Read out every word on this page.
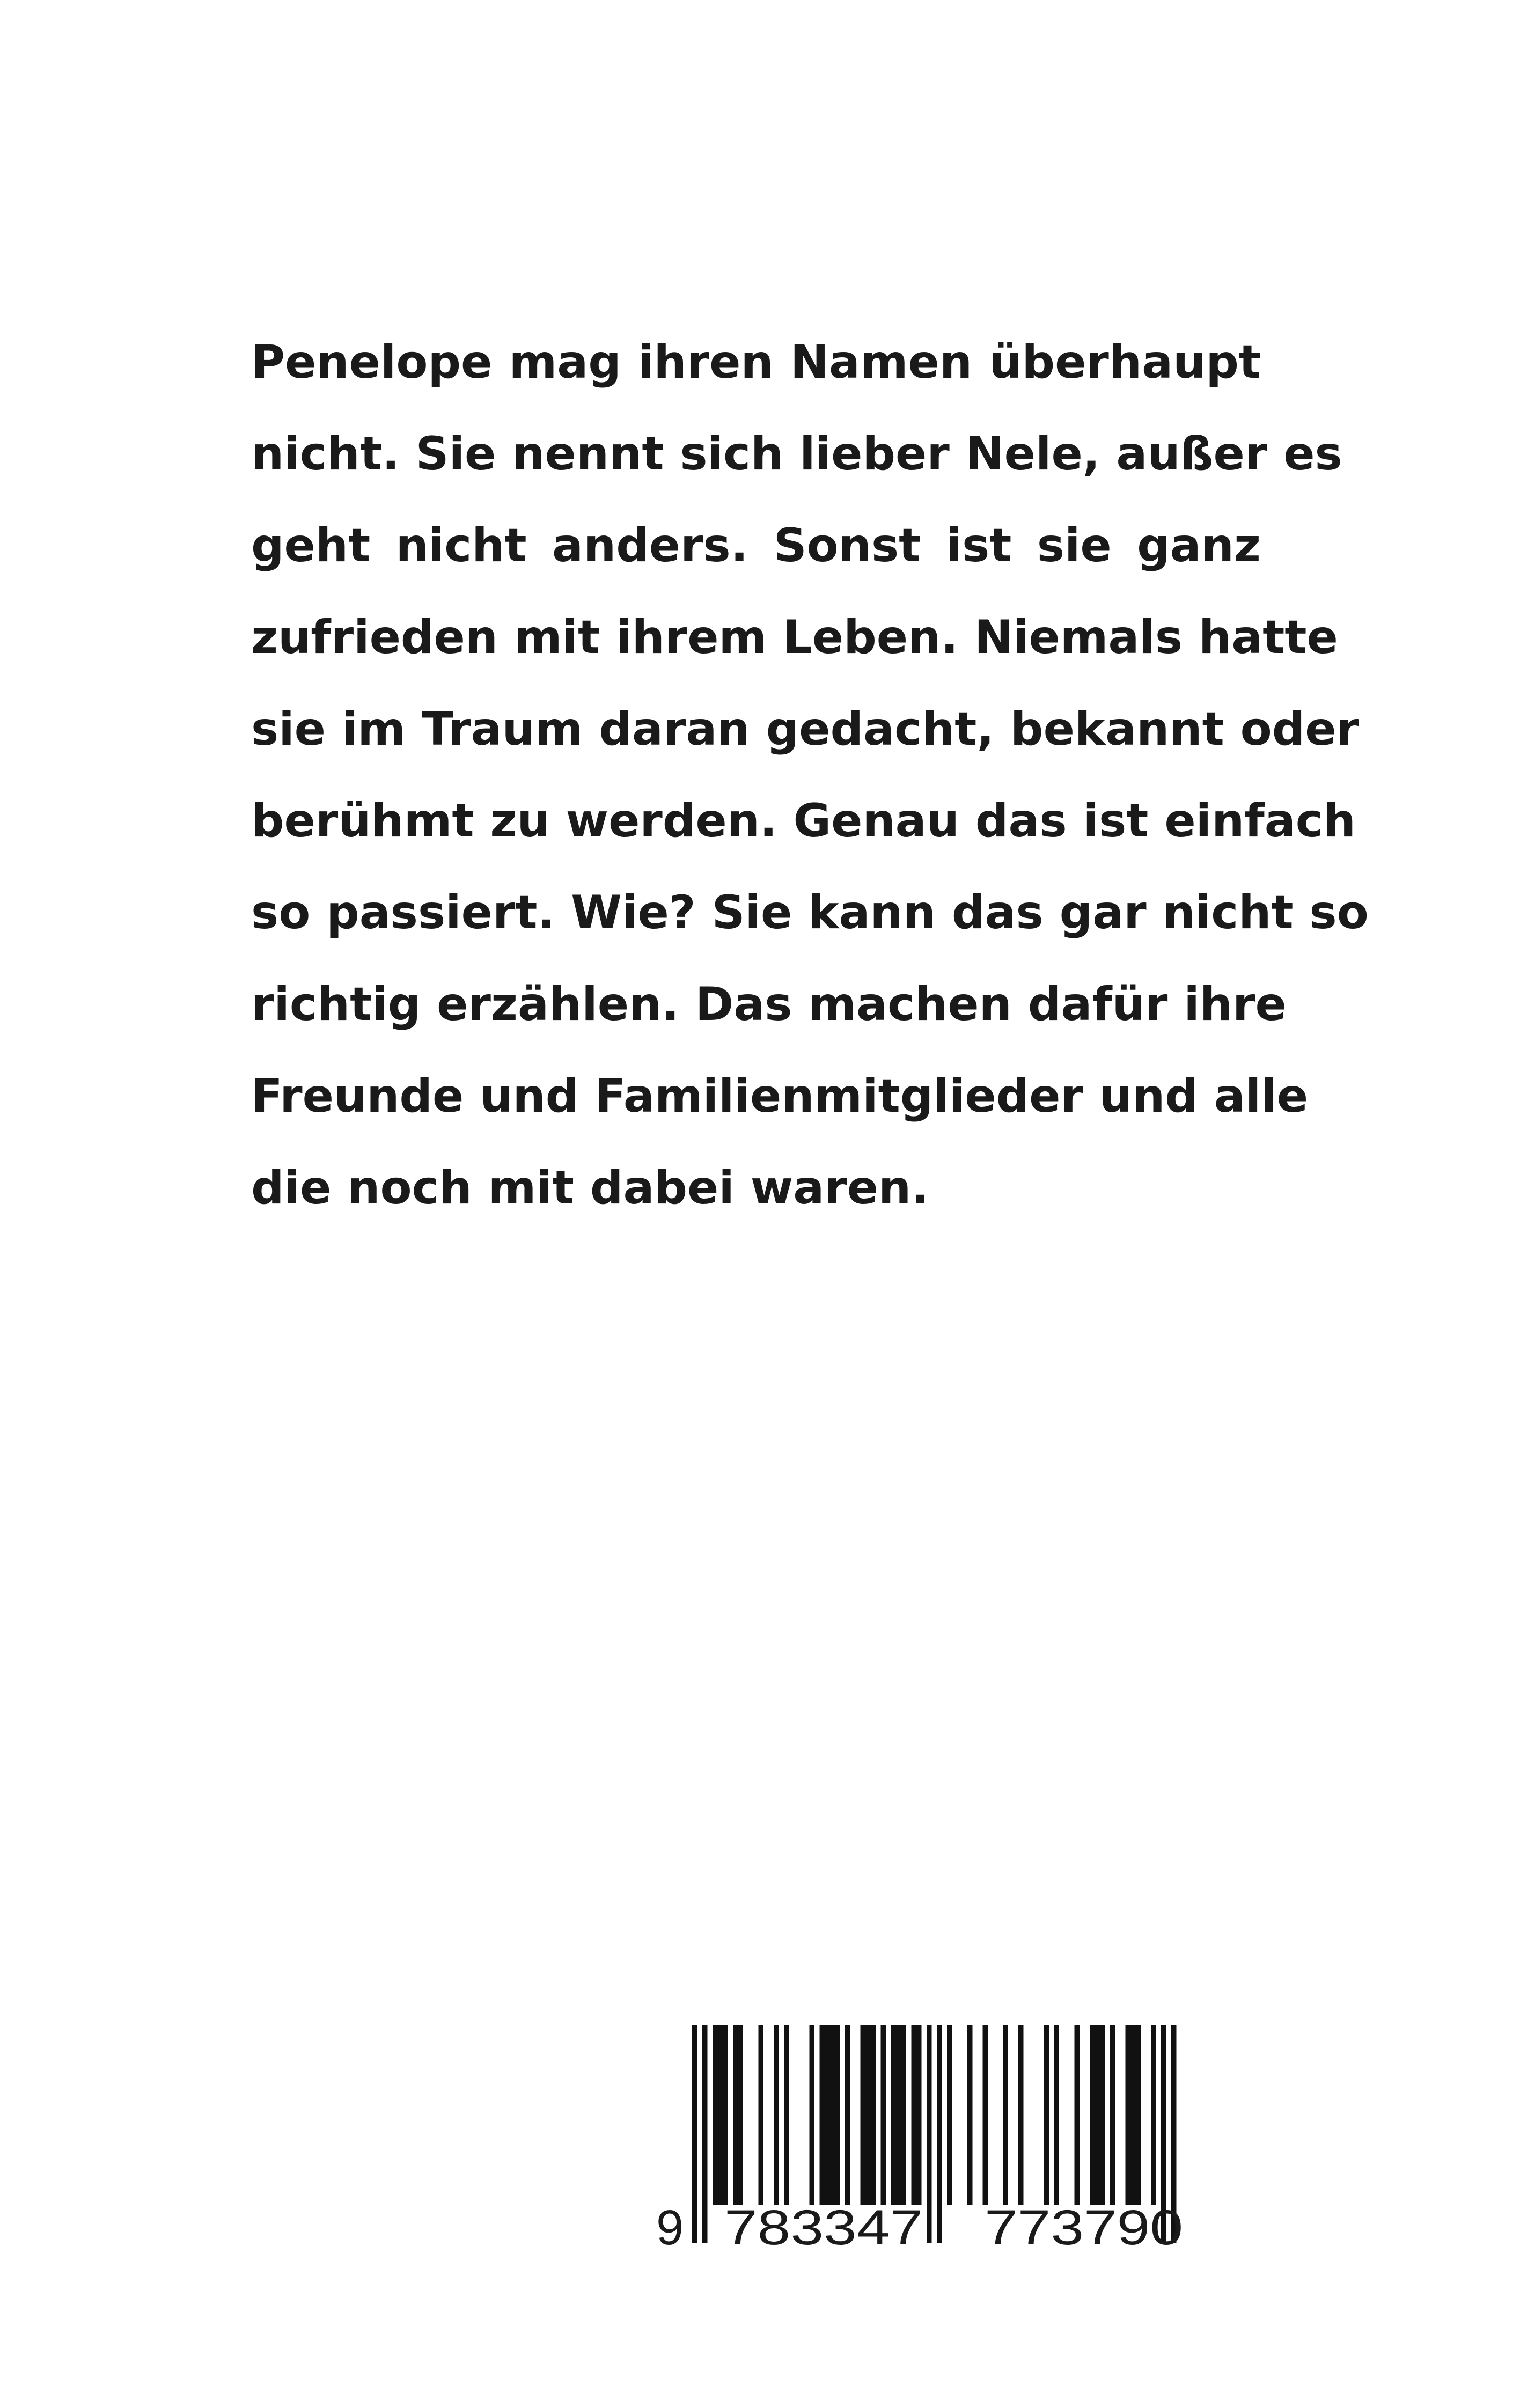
Penelope mag ihren Namen überhaupt
nicht. Sie nennt sich lieber Nele, außer es
geht nicht anders. Sonst ist sie ganz
zufrieden mit ihrem Leben. Niemals hatte
sie im Traum daran gedacht, bekannt oder
berühmt zu werden. Genau das ist einfach
so passiert. Wie? Sie kann das gar nicht so
richtig erzählen. Das machen dafür ihre
Freunde und Familienmitglieder und alle
die noch mit dabei waren.
9 783347 773790
